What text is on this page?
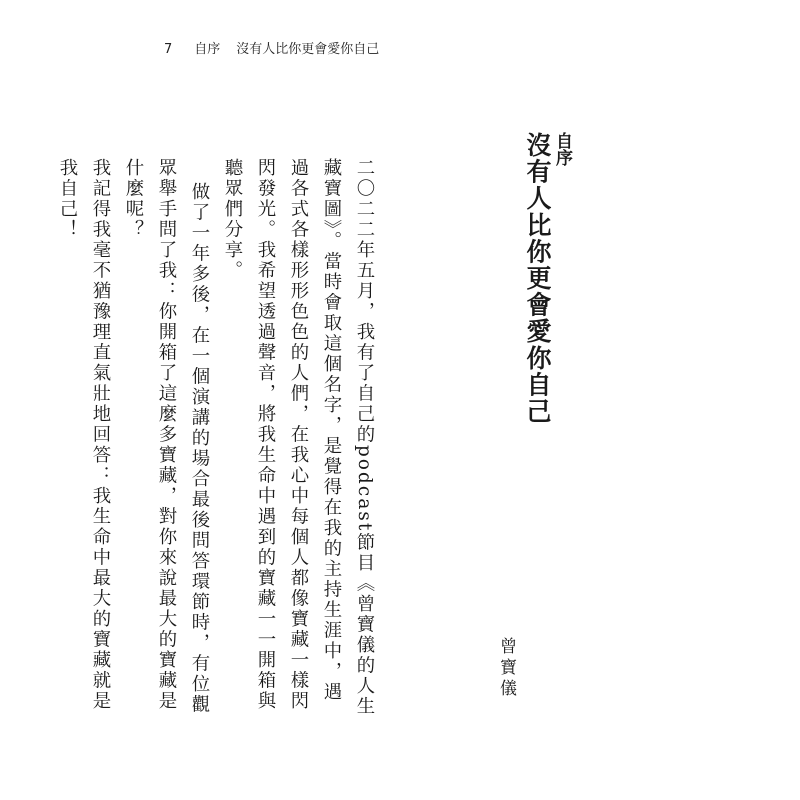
7 自序 沒有人比你更會愛你自己
自序
沒有人比你更會愛你自己

二〇二二年五月，我有了自己的podcast節目《曾寶儀的人生藏寶圖》。當時會取這個名字，是覺得在我的主持生涯中，遇過各式各樣形形色色的人們，在我心中每個人都像寶藏一樣閃閃發光。我希望透過聲音，將我生命中遇到的寶藏一一開箱與聽眾們分享。

做了一年多後，在一個演講的場合最後問答環節時，有位觀眾舉手問了我：你開箱了這麼多寶藏，對你來說最大的寶藏是什麼呢？

我記得我毫不猶豫理直氣壯地回答：我生命中最大的寶藏就是我自己！

曾寶儀
